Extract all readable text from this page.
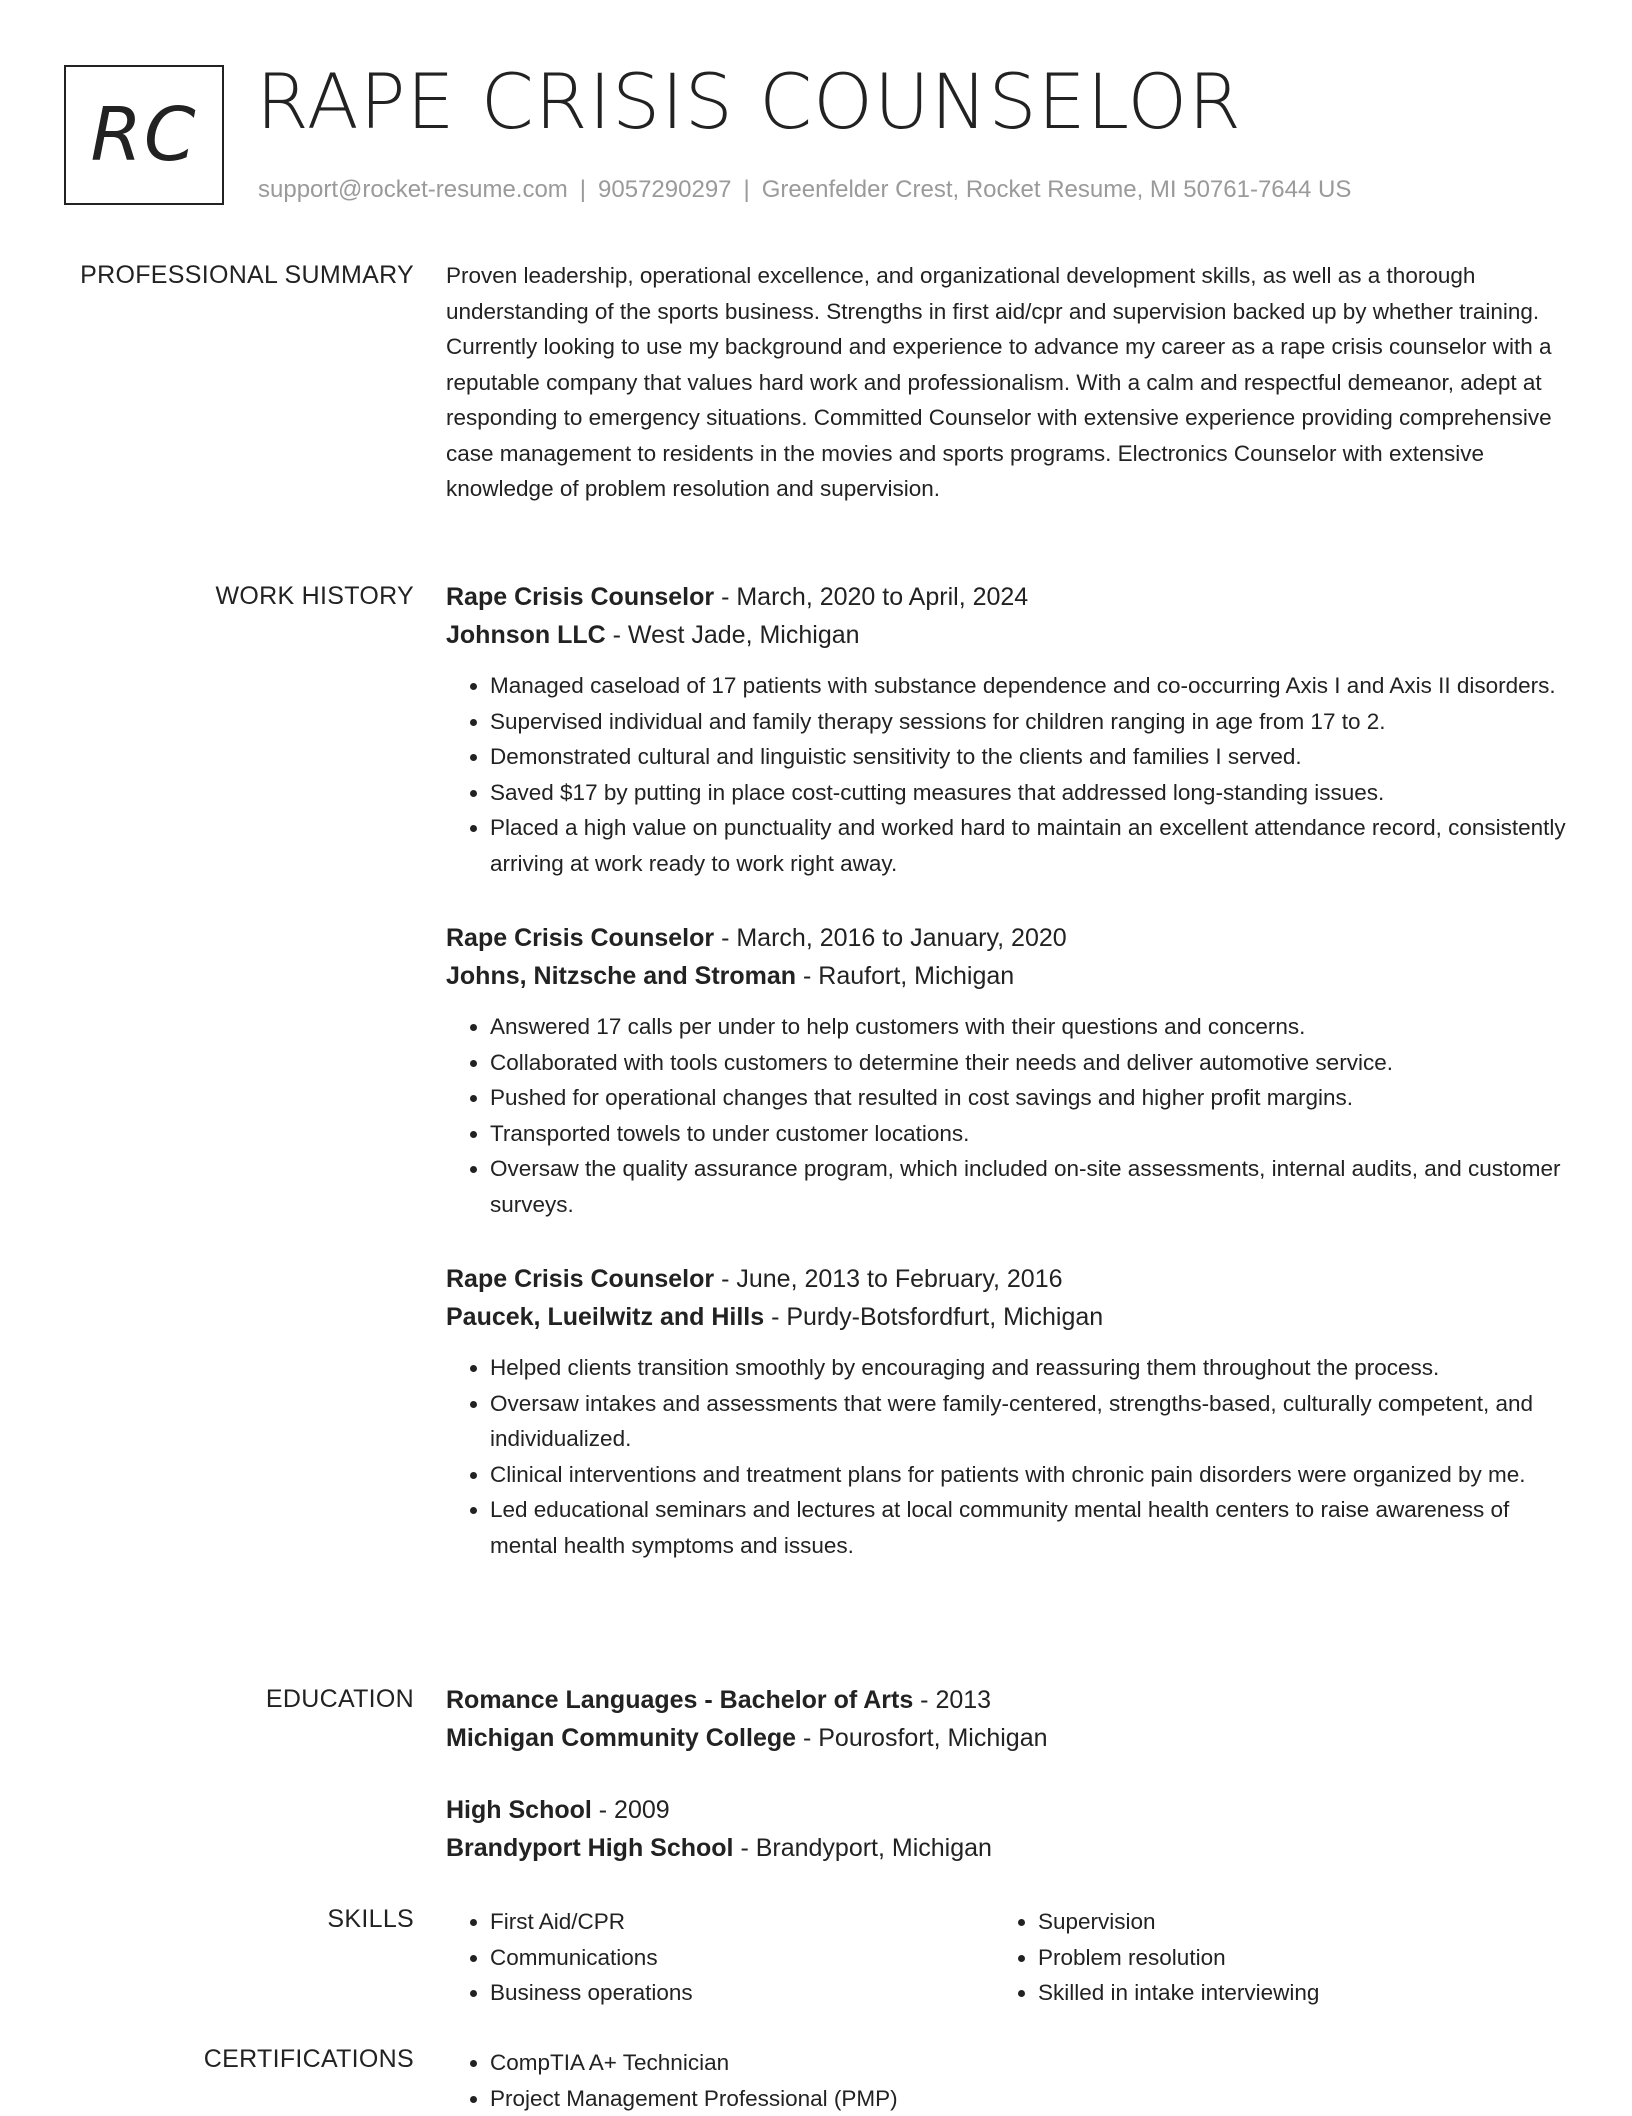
RC RAPE CRISIS COUNSELOR
support@rocket-resume.com | 9057290297 | Greenfelder Crest, Rocket Resume, MI 50761-7644 US
PROFESSIONAL SUMMARY Proven leadership, operational excellence, and organizational development skills, as well as a thorough understanding of the sports business. Strengths in first aid/cpr and supervision backed up by whether training. Currently looking to use my background and experience to advance my career as a rape crisis counselor with a reputable company that values hard work and professionalism. With a calm and respectful demeanor, adept at responding to emergency situations. Committed Counselor with extensive experience providing comprehensive case management to residents in the movies and sports programs. Electronics Counselor with extensive knowledge of problem resolution and supervision.

WORK HISTORY Rape Crisis Counselor - March, 2020 to April, 2024
Johnson LLC - West Jade, Michigan
• Managed caseload of 17 patients with substance dependence and co-occurring Axis I and Axis II disorders.
• Supervised individual and family therapy sessions for children ranging in age from 17 to 2.
• Demonstrated cultural and linguistic sensitivity to the clients and families I served.
• Saved $17 by putting in place cost-cutting measures that addressed long-standing issues.
• Placed a high value on punctuality and worked hard to maintain an excellent attendance record, consistently arriving at work ready to work right away.
Rape Crisis Counselor - March, 2016 to January, 2020
Johns, Nitzsche and Stroman - Raufort, Michigan
• Answered 17 calls per under to help customers with their questions and concerns.
• Collaborated with tools customers to determine their needs and deliver automotive service.
• Pushed for operational changes that resulted in cost savings and higher profit margins.
• Transported towels to under customer locations.
• Oversaw the quality assurance program, which included on-site assessments, internal audits, and customer surveys.
Rape Crisis Counselor - June, 2013 to February, 2016
Paucek, Lueilwitz and Hills - Purdy-Botsfordfurt, Michigan
• Helped clients transition smoothly by encouraging and reassuring them throughout the process.
• Oversaw intakes and assessments that were family-centered, strengths-based, culturally competent, and individualized.
• Clinical interventions and treatment plans for patients with chronic pain disorders were organized by me.
• Led educational seminars and lectures at local community mental health centers to raise awareness of mental health symptoms and issues.
EDUCATION Romance Languages - Bachelor of Arts - 2013
Michigan Community College - Pourosfort, Michigan
High School - 2009
Brandyport High School - Brandyport, Michigan
SKILLS	• First Aid/CPR
• Communications
• Business operations
• Supervision
• Problem resolution
• Skilled in intake interviewing
CERTIFICATIONS	• CompTIA A+ Technician
• Project Management Professional (PMP)
